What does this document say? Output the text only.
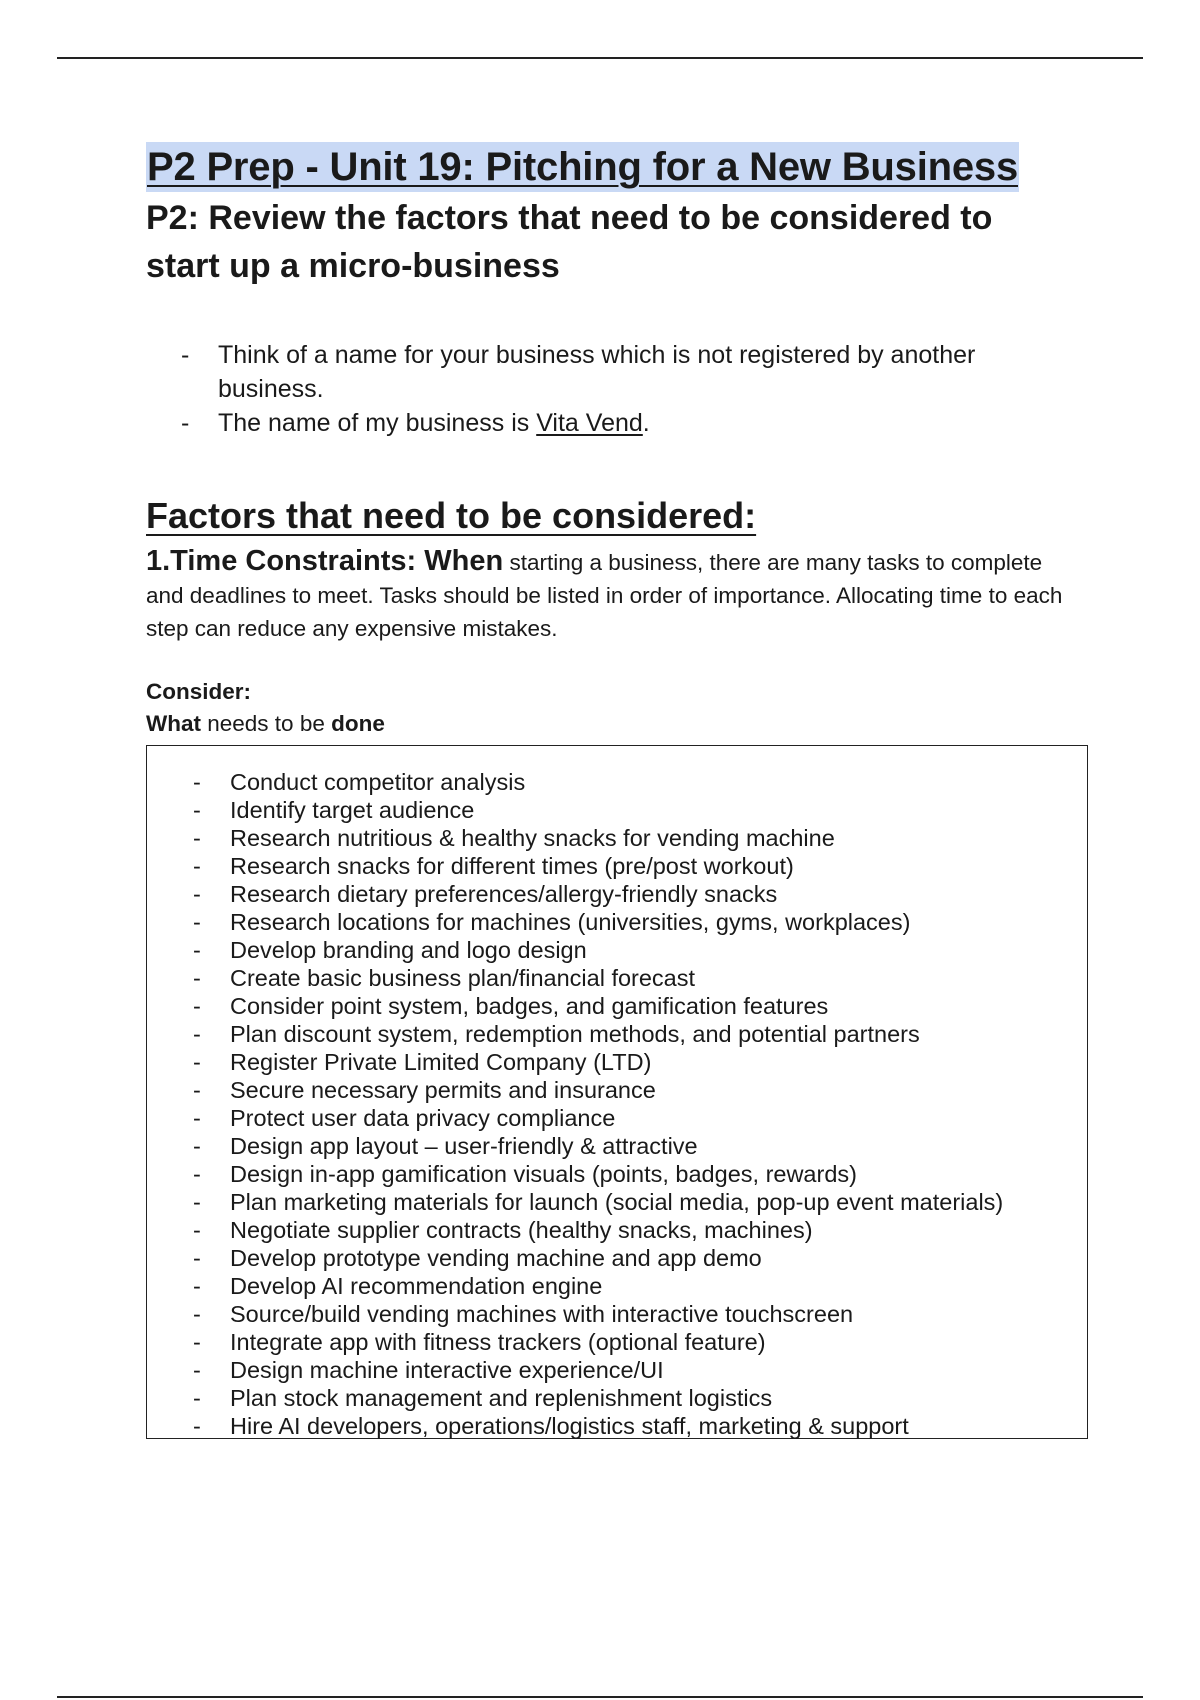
P2 Prep - Unit 19: Pitching for a New Business
P2: Review the factors that need to be considered to start up a micro-business
- Think of a name for your business which is not registered by another business.
- The name of my business is Vita Vend.
Factors that need to be considered:

1.Time Constraints: When starting a business, there are many tasks to complete and deadlines to meet. Tasks should be listed in order of importance. Allocating time to each step can reduce any expensive mistakes.

Consider:
What needs to be done
- Conduct competitor analysis
- Identify target audience
- Research nutritious & healthy snacks for vending machine
- Research snacks for different times (pre/post workout)
- Research dietary preferences/allergy-friendly snacks
- Research locations for machines (universities, gyms, workplaces)
- Develop branding and logo design
- Create basic business plan/financial forecast
- Consider point system, badges, and gamification features
- Plan discount system, redemption methods, and potential partners
- Register Private Limited Company (LTD)
- Secure necessary permits and insurance
- Protect user data privacy compliance
- Design app layout – user-friendly & attractive
- Design in-app gamification visuals (points, badges, rewards)
- Plan marketing materials for launch (social media, pop-up event materials)
- Negotiate supplier contracts (healthy snacks, machines)
- Develop prototype vending machine and app demo
- Develop AI recommendation engine
- Source/build vending machines with interactive touchscreen
- Integrate app with fitness trackers (optional feature)
- Design machine interactive experience/UI
- Plan stock management and replenishment logistics
- Hire AI developers, operations/logistics staff, marketing & support
